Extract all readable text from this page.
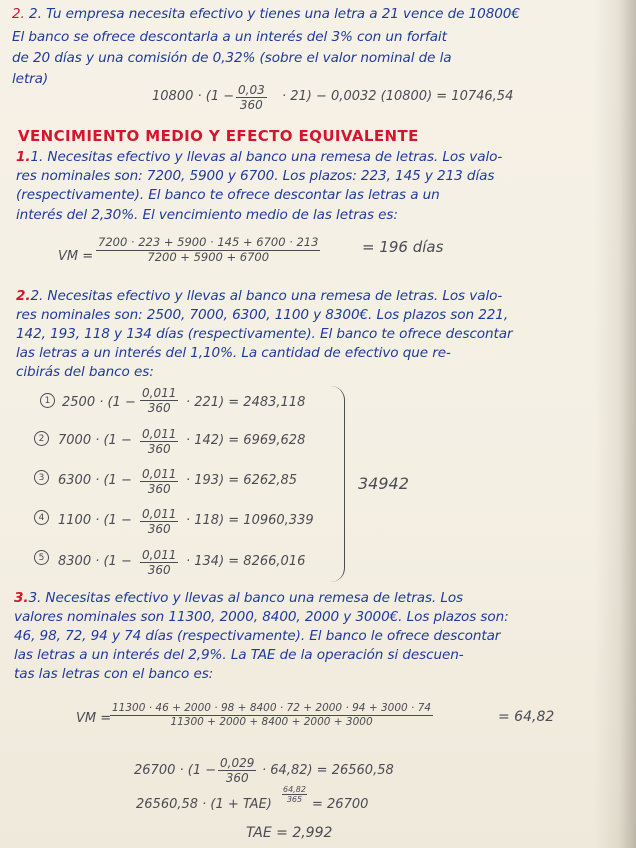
2. 2. Tu empresa necesita efectivo y tienes una letra a 21 vence de 10800€
El banco se ofrece descontarla a un interés del 3% con un forfait
de 20 días y una comisión de 0,32% (sobre el valor nominal de la
letra)
$10800 \cdot (1 - \frac{0,03}{360} \cdot 21) - 0,0032$ (10800) = 10746,54
VENCIMIENTO MEDIO Y EFECTO EQUIVALENTE
1.1. Necesitas efectivo y llevas al banco una remesa de letras. Los valo-
res nominales son: 7200, 5900 y 6700. Los plazos: 223, 145 y 213 días
(respectivamente). El banco te ofrece descontar las letras a un
interés del 2,30%. El vencimiento medio de las letras es:
VM = $\frac{7200 \cdot 223 + 5900 \cdot 145 + 6700 \cdot 213}{7200 + 5900 + 6700}$	= 196 días
2.2. Necesitas efectivo y llevas al banco una remesa de letras. Los valo-
res nominales son: 2500, 7000, 6300, 1100 y 8300€. Los plazos son 221,
142, 193, 118 y 134 días (respectivamente). El banco te ofrece descontar
las letras a un interés del 1,10%. La cantidad de efectivo que re-
cibirás del banco es:
1 $2500 \cdot (1 - \frac{0,011}{360} \cdot 221) = 2483,118$
2	$7000 \cdot (1 - \frac{0,011}{360} \cdot 142) = 6969,628$
3	$6300 \cdot (1 - \frac{0,011}{360} \cdot 193) = 6262,85$
4	$1100 \cdot (1 - \frac{0,011}{360} \cdot 118) = 10960,339$
5	$8300 \cdot (1 - \frac{0,011}{360} \cdot 134) = 8266,016$
34942
3.3. Necesitas efectivo y llevas al banco una remesa de letras. Los
valores nominales son 11300, 2000, 8400, 2000 y 3000€. Los plazos son:
46, 98, 72, 94 y 74 días (respectivamente). El banco le ofrece descontar
las letras a un interés del 2,9%. La TAE de la operación si descuen-
tas las letras con el banco es:
VM =
$\frac{11300 \cdot 46 + 2000 \cdot 98 + 8400 \cdot 72 + 2000 \cdot 94 + 3000 \cdot 74}{11300 + 2000 + 8400 + 2000 + 3000}$	= 64,82
$26700 \cdot (1 - \frac{0,029}{360} \cdot 64,82) = 26560,58$
26560,58 · (1 + TAE)
$\frac{64,82}{365}$
= 26700
TAE = 2,992
